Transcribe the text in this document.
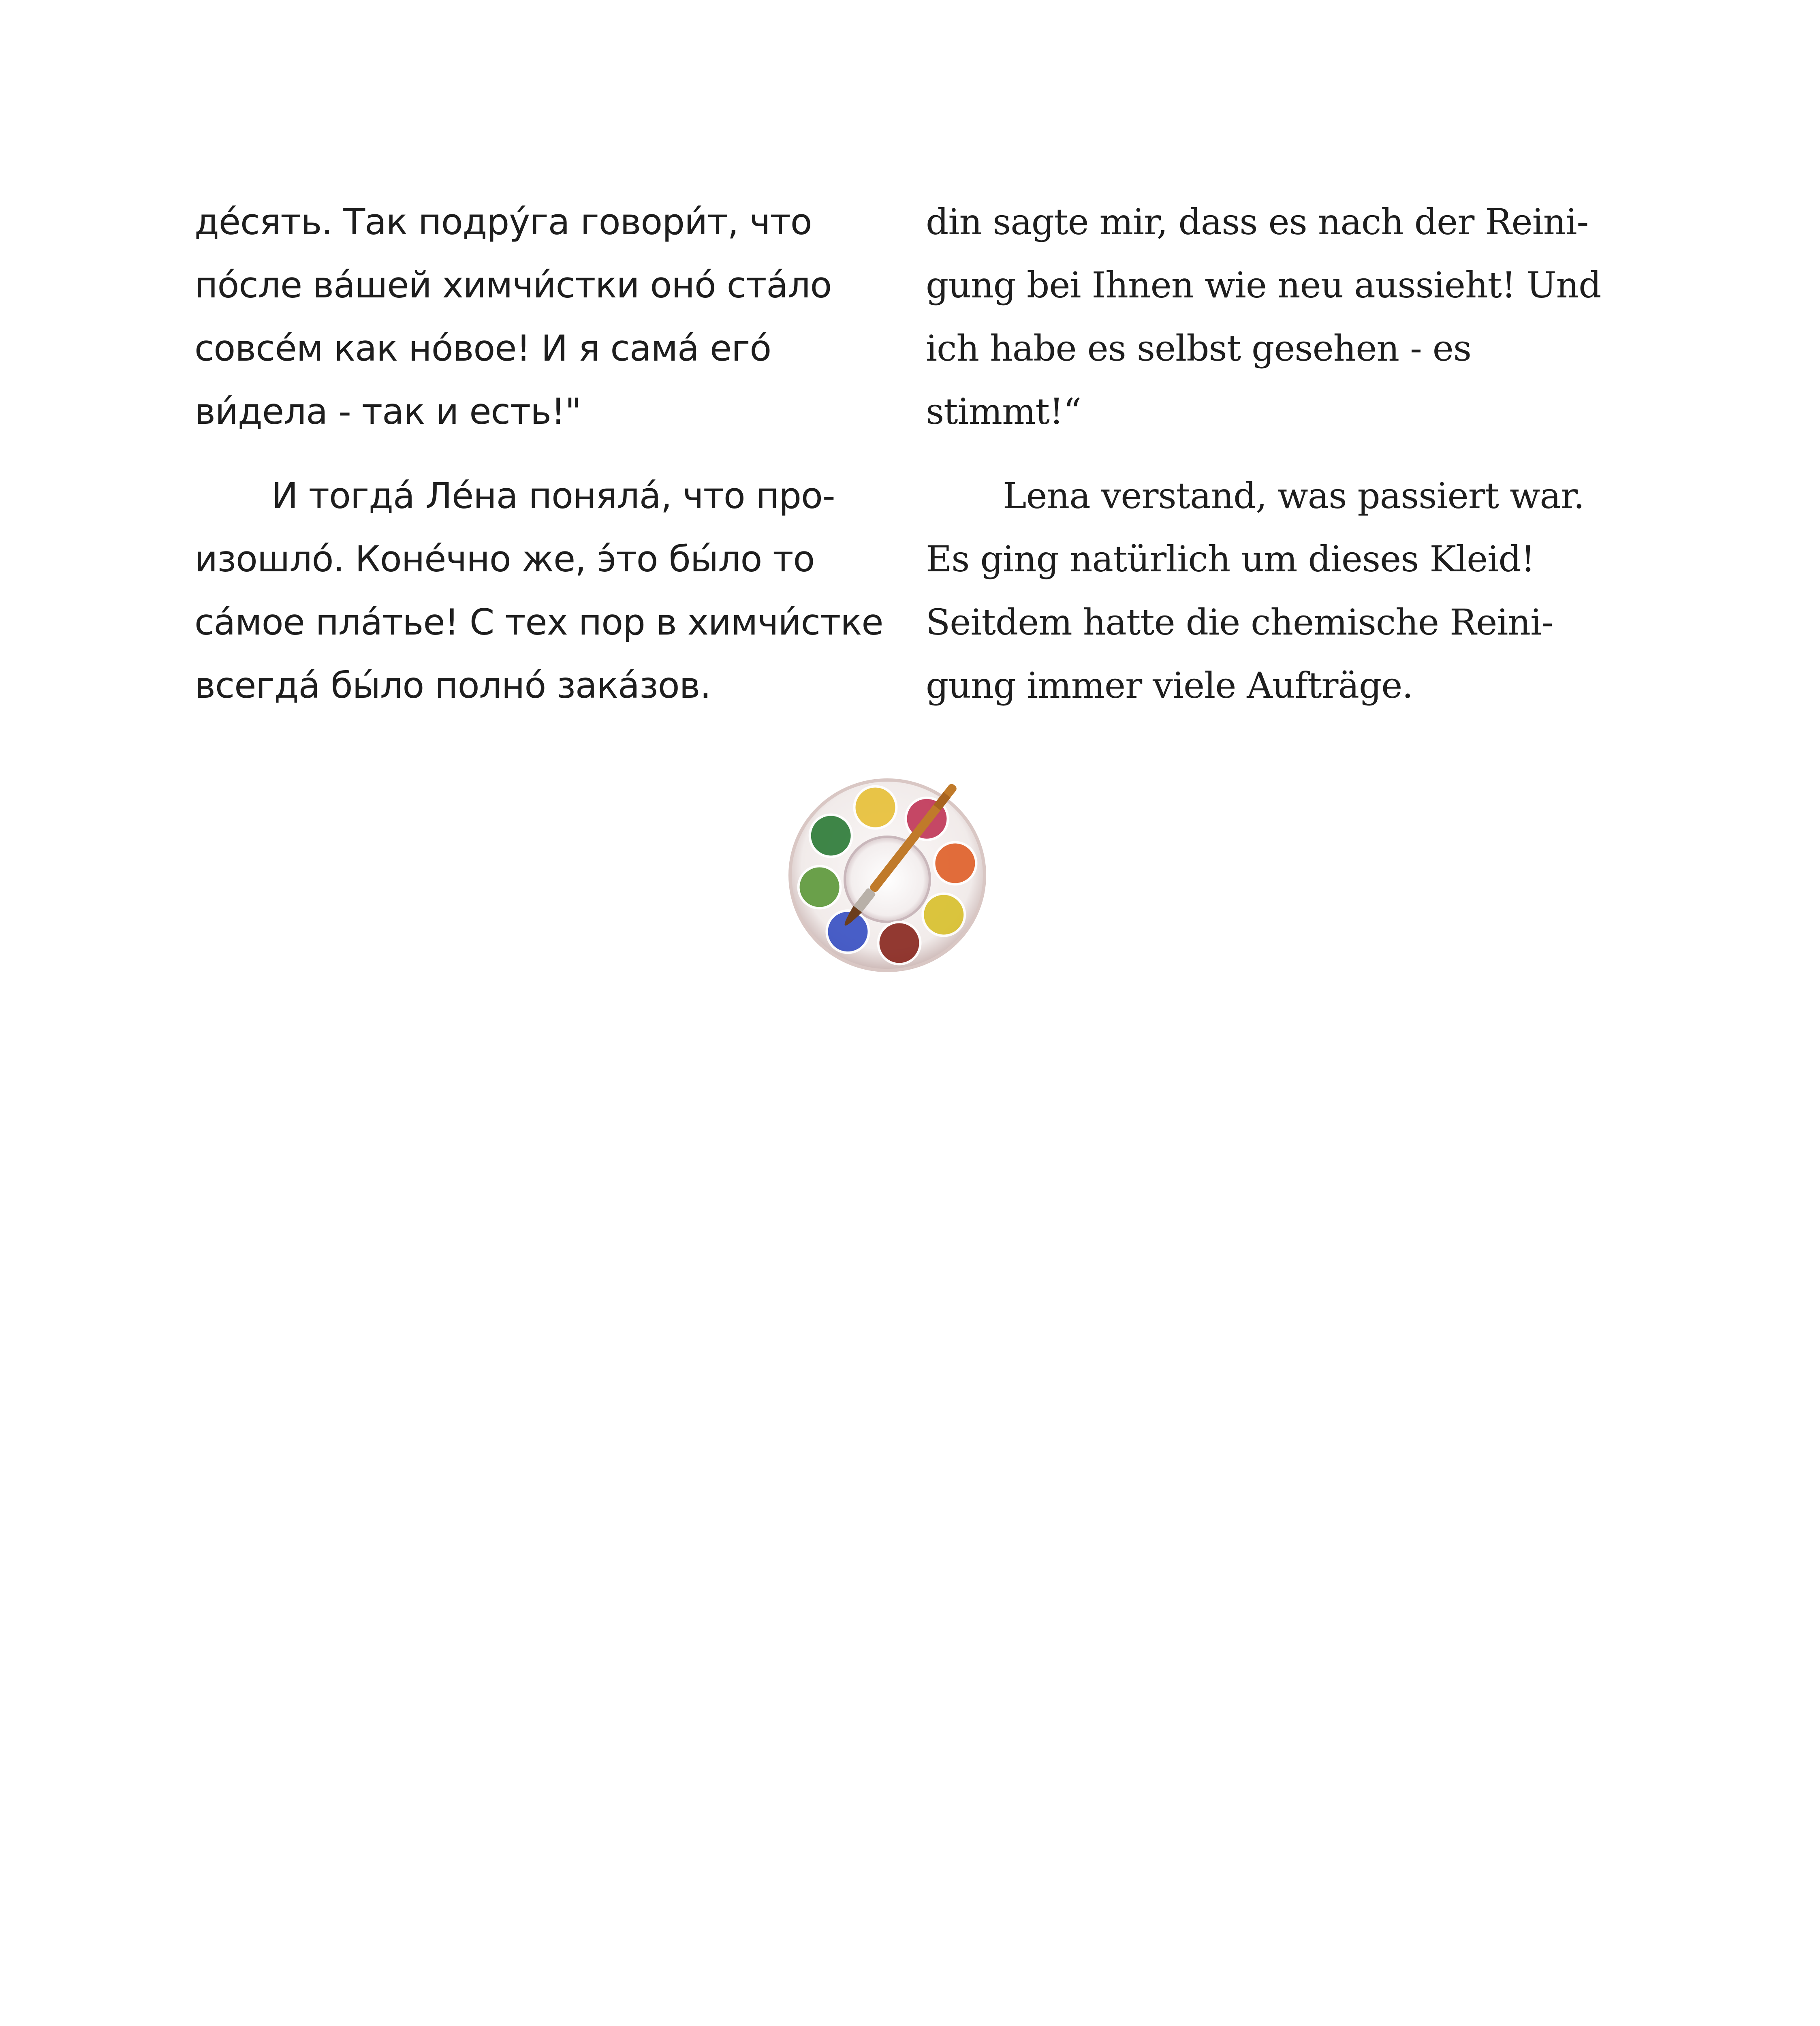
де́сять. Так подру́га говори́т, что
по́сле ва́шей химчи́стки оно́ ста́ло
совсе́м как но́вое! И я сама́ его́
ви́дела - так и есть!"
И тогда́ Ле́на поняла́, что про-
изошло́. Коне́чно же, э́то бы́ло то
са́мое пла́тье! С тех пор в химчи́стке
всегда́ бы́ло полно́ зака́зов.
din sagte mir, dass es nach der Reini-
gung bei Ihnen wie neu aussieht! Und
ich habe es selbst gesehen - es
stimmt!“
Lena verstand, was passiert war.
Es ging natürlich um dieses Kleid!
Seitdem hatte die chemische Reini-
gung immer viele Aufträge.
